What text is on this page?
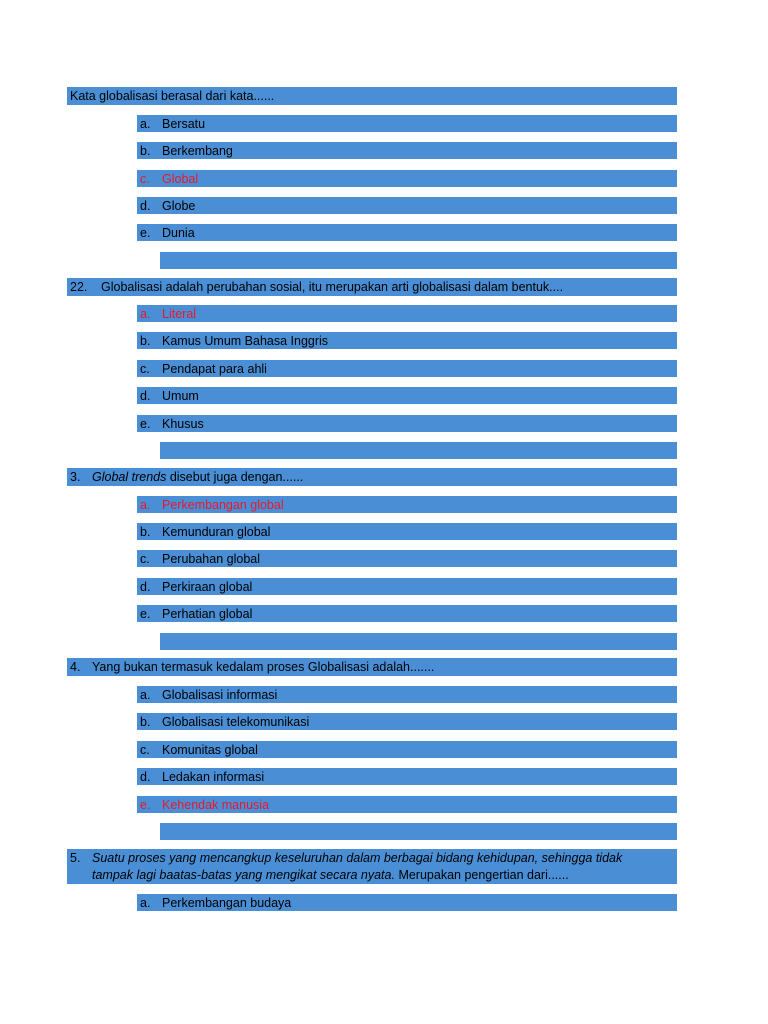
Kata globalisasi berasal dari kata......
a. Bersatu
b. Berkembang
c. Global
d. Globe
e. Dunia
22. Globalisasi adalah perubahan sosial, itu merupakan arti globalisasi dalam bentuk....
a. Literal
b. Kamus Umum Bahasa Inggris
c. Pendapat para ahli
d. Umum
e. Khusus
3. Global trends disebut juga dengan......
a. Perkembangan global
b. Kemunduran global
c. Perubahan global
d. Perkiraan global
e. Perhatian global
4. Yang bukan termasuk kedalam proses Globalisasi adalah.......
a. Globalisasi informasi
b. Globalisasi telekomunikasi
c. Komunitas global
d. Ledakan informasi
e. Kehendak manusia
5. Suatu proses yang mencangkup keseluruhan dalam berbagai bidang kehidupan, sehingga tidak
tampak lagi baatas-batas yang mengikat secara nyata. Merupakan pengertian dari......
a. Perkembangan budaya
